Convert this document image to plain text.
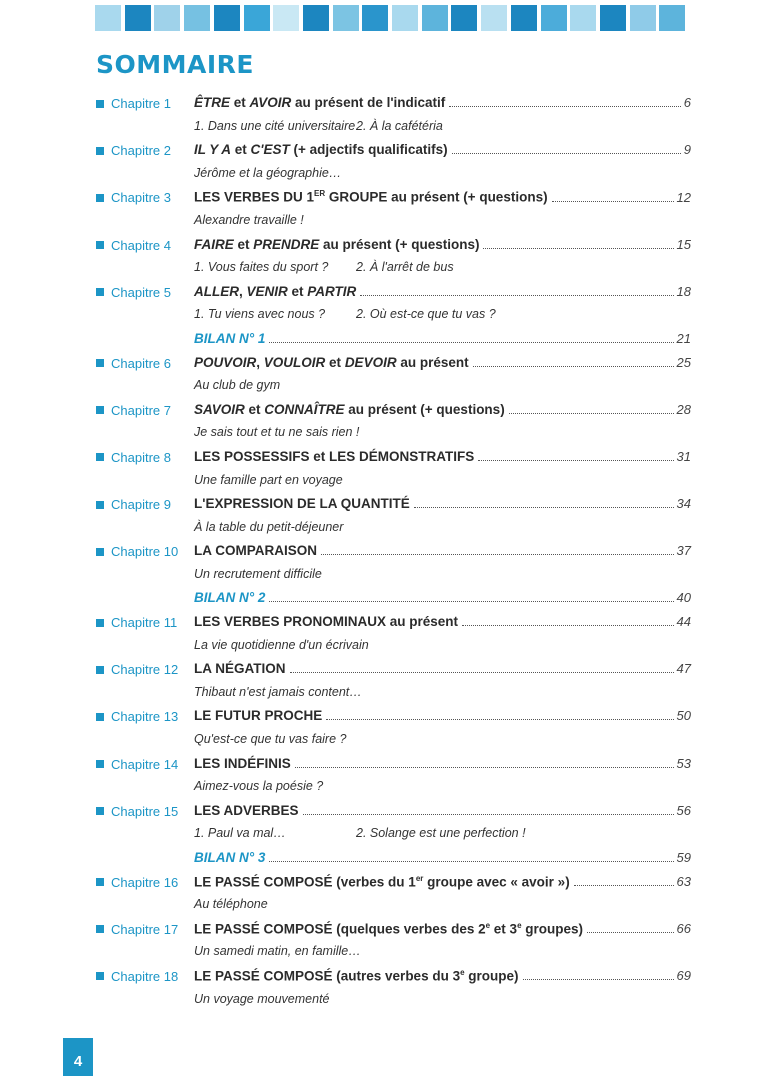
SOMMAIRE
Chapitre 1 ÊTRE et AVOIR au présent de l'indicatif	6
1. Dans une cité universitaire 2. À la cafétéria
Chapitre 2 IL Y A et C'EST (+ adjectifs qualificatifs)	9
Jérôme et la géographie…
Chapitre 3 LES VERBES DU 1ER GROUPE au présent (+ questions)	12
Alexandre travaille !
Chapitre 4 FAIRE et PRENDRE au présent (+ questions)	15
1. Vous faites du sport ? 2. À l'arrêt de bus
Chapitre 5 ALLER, VENIR et PARTIR	18
1. Tu viens avec nous ? 2. Où est-ce que tu vas ?
BILAN N° 1	21
Chapitre 6 POUVOIR, VOULOIR et DEVOIR au présent	25
Au club de gym
Chapitre 7 SAVOIR et CONNAÎTRE au présent (+ questions)	28
Je sais tout et tu ne sais rien !
Chapitre 8 LES POSSESSIFS et LES DÉMONSTRATIFS	31
Une famille part en voyage
Chapitre 9 L'EXPRESSION DE LA QUANTITÉ	34
À la table du petit-déjeuner
Chapitre 10 LA COMPARAISON	37
Un recrutement difficile
BILAN N° 2	40
Chapitre 11 LES VERBES PRONOMINAUX au présent	44
La vie quotidienne d'un écrivain
Chapitre 12 LA NÉGATION	47
Thibaut n'est jamais content…
Chapitre 13 LE FUTUR PROCHE	50
Qu'est-ce que tu vas faire ?
Chapitre 14 LES INDÉFINIS	53
Aimez-vous la poésie ?
Chapitre 15 LES ADVERBES	56
1. Paul va mal…	2. Solange est une perfection !
BILAN N° 3	59
Chapitre 16 LE PASSÉ COMPOSÉ (verbes du 1er groupe avec « avoir »)	63
Au téléphone
Chapitre 17 LE PASSÉ COMPOSÉ (quelques verbes des 2e et 3e groupes)	66
Un samedi matin, en famille…
Chapitre 18 LE PASSÉ COMPOSÉ (autres verbes du 3e groupe)	69
Un voyage mouvementé
4
